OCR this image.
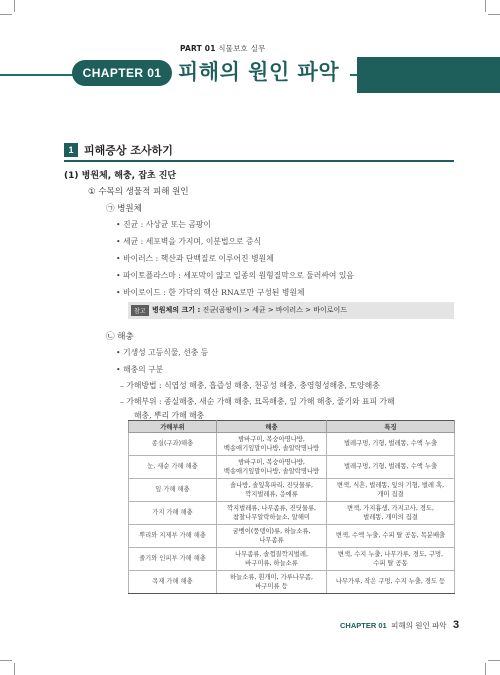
PART 01 식물보호 실무
CHAPTER 01 피해의 원인 파악
1 피해증상 조사하기
(1) 병원체, 해충, 잡초 진단
① 수목의 생물적 피해 원인
㉠ 병원체
• 진균 : 사상균 또는 곰팡이
• 세균 : 세포벽을 가지며, 이분법으로 증식
• 바이러스 : 핵산과 단백질로 이루어진 병원체
• 파이토플라스마 : 세포막이 얇고 일종의 원형질막으로 둘러싸여 있음
• 바이로이드 : 한 가닥의 핵산 RNA로만 구성된 병원체
참고 병원체의 크기 : 진균(곰팡이) > 세균 > 바이러스 > 바이로이드
㉡ 해충
• 기생성 고등식물, 선충 등
• 해충의 구분
– 가해방법 : 식엽성 해충, 흡즙성 해충, 천공성 해충, 충영형성해충, 토양해충
– 가해부위 : 종실해충, 새순 가해 해충, 묘목해충, 잎 가해 해충, 줄기와 표피 가해
해충, 뿌리 가해 해충
가해부위	해충	특징
종실(구과)해충	밤바구미, 복숭아명나방,
백송애기잎말이나방, 솔알락명나방	벌레구멍, 기형, 벌레똥, 수액 누출
눈, 새순 가해 해충	밤바구미, 복숭아명나방,
백송애기잎말이나방, 솔알락명나방	벌레구멍, 기형, 벌레똥, 수액 누출
잎 가해 해충	솔나방, 솔잎혹파리, 진딧물류,
깍지벌레류, 응애류	변색, 식흔, 벌레똥, 잎의 기형, 벌레 혹,
개미 집결
가지 가해 해충	깍지벌레류, 나무좀류, 진딧물류,
참찰나무알락하늘소, 알해미	변색, 가지흉생, 가지고사, 경도,
벌레똥, 개미의 집결
뿌리와 지제부 가해 해충	굼벵이(풍뎅이)류, 하늘소류,
나무좀류	변색, 수액 누출, 수피 탈 공동, 목분배출
줄기와 인피부 가해 해충	나무좀류, 솔껍질깍지벌레,
바구미류, 하늘소류	변색, 수지 누출, 나무가루, 경도, 구멍,
수피 탈 공동
목재 가해 해충	하늘소류, 흰개미, 가루나무좀,
바구미류 등	나무가루, 작은 구멍, 수지 누출, 경도 등
CHAPTER 01 피해의 원인 파악 3
